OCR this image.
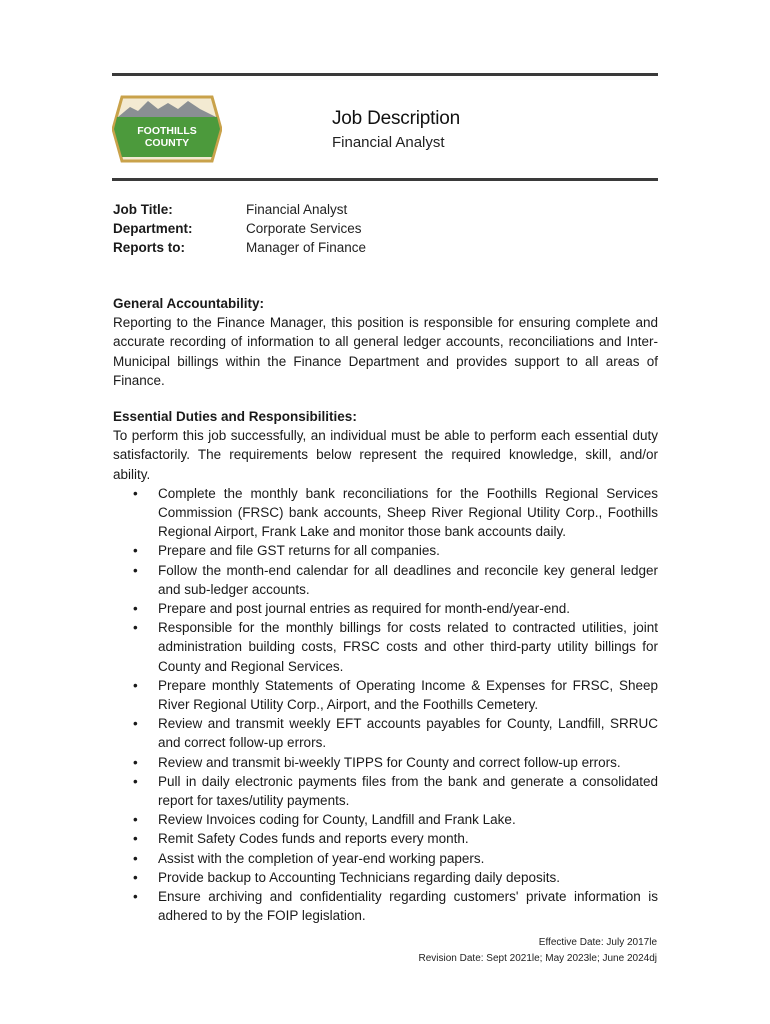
FOOTHILLS
COUNTY
Job Description
Financial Analyst
Job Title:	Financial Analyst
Department:	Corporate Services
Reports to:	Manager of Finance
General Accountability:
Reporting to the Finance Manager, this position is responsible for ensuring complete and accurate recording of information to all general ledger accounts, reconciliations and Inter-Municipal billings within the Finance Department and provides support to all areas of Finance.
Essential Duties and Responsibilities:
To perform this job successfully, an individual must be able to perform each essential duty satisfactorily. The requirements below represent the required knowledge, skill, and/or ability.
• Complete the monthly bank reconciliations for the Foothills Regional Services Commission (FRSC) bank accounts, Sheep River Regional Utility Corp., Foothills Regional Airport, Frank Lake and monitor those bank accounts daily.
• Prepare and file GST returns for all companies.
• Follow the month-end calendar for all deadlines and reconcile key general ledger and sub-ledger accounts.
• Prepare and post journal entries as required for month-end/year-end.
• Responsible for the monthly billings for costs related to contracted utilities, joint administration building costs, FRSC costs and other third-party utility billings for County and Regional Services.
• Prepare monthly Statements of Operating Income & Expenses for FRSC, Sheep River Regional Utility Corp., Airport, and the Foothills Cemetery.
• Review and transmit weekly EFT accounts payables for County, Landfill, SRRUC and correct follow-up errors.
• Review and transmit bi-weekly TIPPS for County and correct follow-up errors.
• Pull in daily electronic payments files from the bank and generate a consolidated report for taxes/utility payments.
• Review Invoices coding for County, Landfill and Frank Lake.
• Remit Safety Codes funds and reports every month.
• Assist with the completion of year-end working papers.
• Provide backup to Accounting Technicians regarding daily deposits.
• Ensure archiving and confidentiality regarding customers' private information is adhered to by the FOIP legislation.
Effective Date: July 2017le
Revision Date: Sept 2021le; May 2023le; June 2024dj
